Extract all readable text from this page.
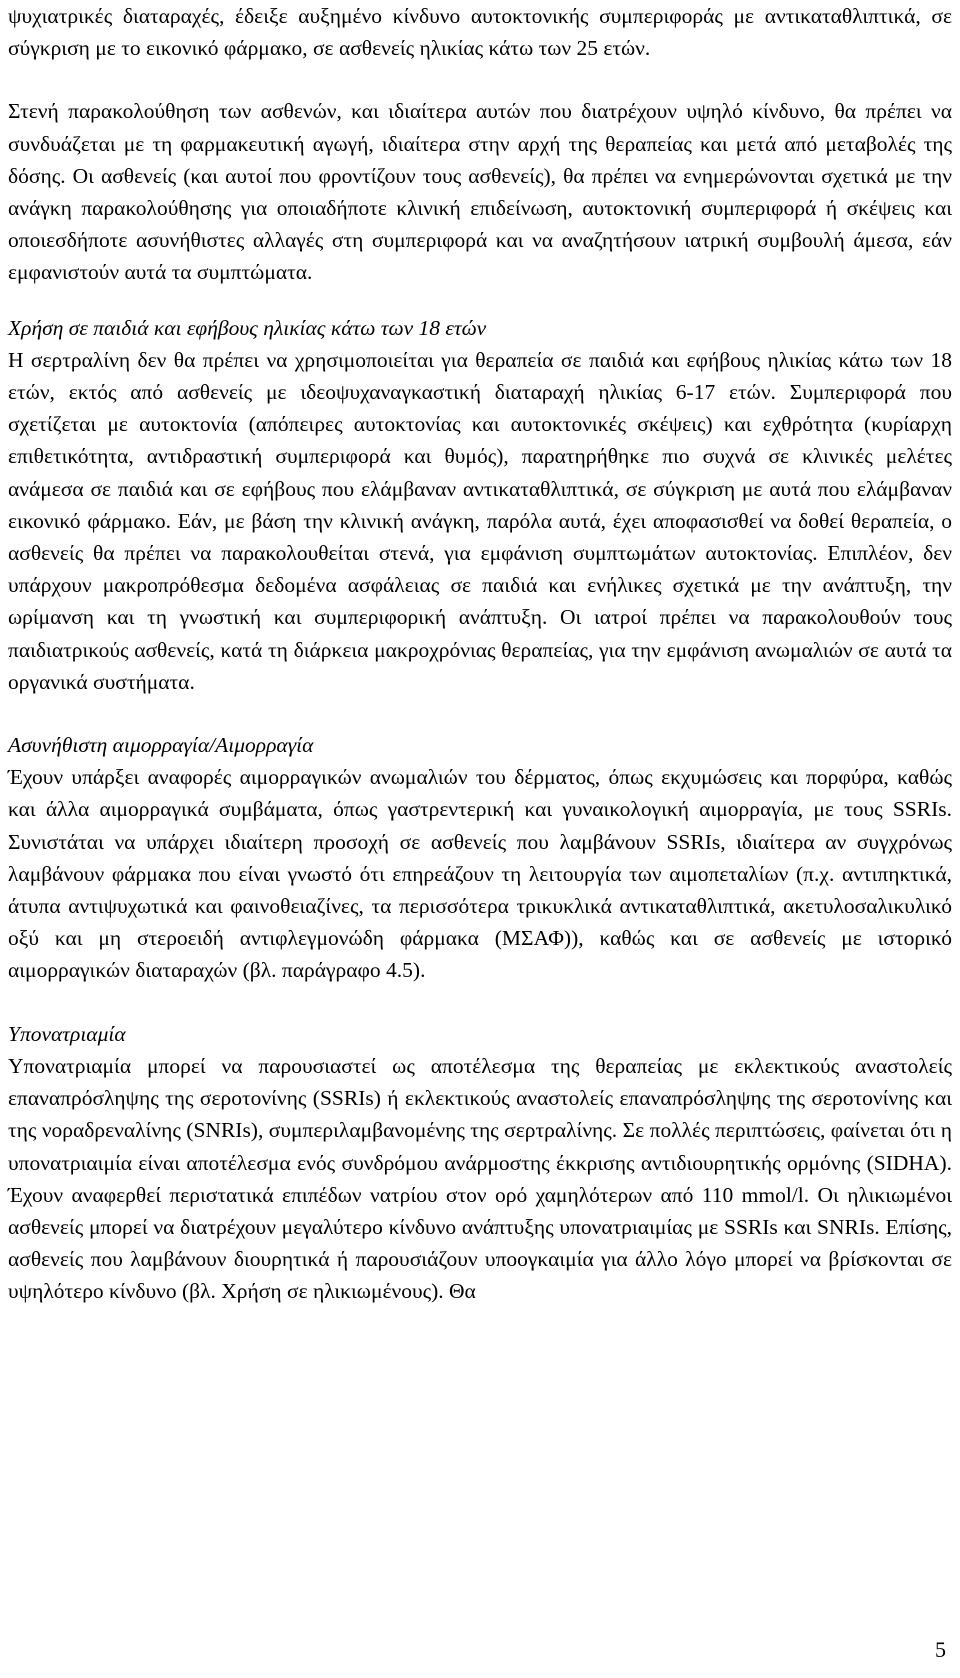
ψυχιατρικές διαταραχές, έδειξε αυξημένο κίνδυνο αυτοκτονικής συμπεριφοράς με αντικαταθλιπτικά, σε σύγκριση με το εικονικό φάρμακο, σε ασθενείς ηλικίας κάτω των 25 ετών.

Στενή παρακολούθηση των ασθενών, και ιδιαίτερα αυτών που διατρέχουν υψηλό κίνδυνο, θα πρέπει να συνδυάζεται με τη φαρμακευτική αγωγή, ιδιαίτερα στην αρχή της θεραπείας και μετά από μεταβολές της δόσης. Οι ασθενείς (και αυτοί που φροντίζουν τους ασθενείς), θα πρέπει να ενημερώνονται σχετικά με την ανάγκη παρακολούθησης για οποιαδήποτε κλινική επιδείνωση, αυτοκτονική συμπεριφορά ή σκέψεις και οποιεσδήποτε ασυνήθιστες αλλαγές στη συμπεριφορά και να αναζητήσουν ιατρική συμβουλή άμεσα, εάν εμφανιστούν αυτά τα συμπτώματα.

Χρήση σε παιδιά και εφήβους ηλικίας κάτω των 18 ετών

Η σερτραλίνη δεν θα πρέπει να χρησιμοποιείται για θεραπεία σε παιδιά και εφήβους ηλικίας κάτω των 18 ετών, εκτός από ασθενείς με ιδεοψυχαναγκαστική διαταραχή ηλικίας 6-17 ετών. Συμπεριφορά που σχετίζεται με αυτοκτονία (απόπειρες αυτοκτονίας και αυτοκτονικές σκέψεις) και εχθρότητα (κυρίαρχη επιθετικότητα, αντιδραστική συμπεριφορά και θυμός), παρατηρήθηκε πιο συχνά σε κλινικές μελέτες ανάμεσα σε παιδιά και σε εφήβους που ελάμβαναν αντικαταθλιπτικά, σε σύγκριση με αυτά που ελάμβαναν εικονικό φάρμακο. Εάν, με βάση την κλινική ανάγκη, παρόλα αυτά, έχει αποφασισθεί να δοθεί θεραπεία, ο ασθενείς θα πρέπει να παρακολουθείται στενά, για εμφάνιση συμπτωμάτων αυτοκτονίας. Επιπλέον, δεν υπάρχουν μακροπρόθεσμα δεδομένα ασφάλειας σε παιδιά και ενήλικες σχετικά με την ανάπτυξη, την ωρίμανση και τη γνωστική και συμπεριφορική ανάπτυξη. Οι ιατροί πρέπει να παρακολουθούν τους παιδιατρικούς ασθενείς, κατά τη διάρκεια μακροχρόνιας θεραπείας, για την εμφάνιση ανωμαλιών σε αυτά τα οργανικά συστήματα.

Ασυνήθιστη αιμορραγία/Αιμορραγία

Έχουν υπάρξει αναφορές αιμορραγικών ανωμαλιών του δέρματος, όπως εκχυμώσεις και πορφύρα, καθώς και άλλα αιμορραγικά συμβάματα, όπως γαστρεντερική και γυναικολογική αιμορραγία, με τους SSRIs. Συνιστάται να υπάρχει ιδιαίτερη προσοχή σε ασθενείς που λαμβάνουν SSRIs, ιδιαίτερα αν συγχρόνως λαμβάνουν φάρμακα που είναι γνωστό ότι επηρεάζουν τη λειτουργία των αιμοπεταλίων (π.χ. αντιπηκτικά, άτυπα αντιψυχωτικά και φαινοθειαζίνες, τα περισσότερα τρικυκλικά αντικαταθλιπτικά, ακετυλοσαλικυλικό οξύ και μη στεροειδή αντιφλεγμονώδη φάρμακα (ΜΣΑΦ)), καθώς και σε ασθενείς με ιστορικό αιμορραγικών διαταραχών (βλ. παράγραφο 4.5).

Υπονατριαμία

Υπονατριαμία μπορεί να παρουσιαστεί ως αποτέλεσμα της θεραπείας με εκλεκτικούς αναστολείς επαναπρόσληψης της σεροτονίνης (SSRIs) ή εκλεκτικούς αναστολείς επαναπρόσληψης της σεροτονίνης και της νοραδρεναλίνης (SNRIs), συμπεριλαμβανομένης της σερτραλίνης. Σε πολλές περιπτώσεις, φαίνεται ότι η υπονατριαιμία είναι αποτέλεσμα ενός συνδρόμου ανάρμοστης έκκρισης αντιδιουρητικής ορμόνης (SIDHA). Έχουν αναφερθεί περιστατικά επιπέδων νατρίου στον ορό χαμηλότερων από 110 mmol/l. Οι ηλικιωμένοι ασθενείς μπορεί να διατρέχουν μεγαλύτερο κίνδυνο ανάπτυξης υπονατριαιμίας με SSRIs και SNRIs. Επίσης, ασθενείς που λαμβάνουν διουρητικά ή παρουσιάζουν υποογκαιμία για άλλο λόγο μπορεί να βρίσκονται σε υψηλότερο κίνδυνο (βλ. Χρήση σε ηλικιωμένους). Θα

5
